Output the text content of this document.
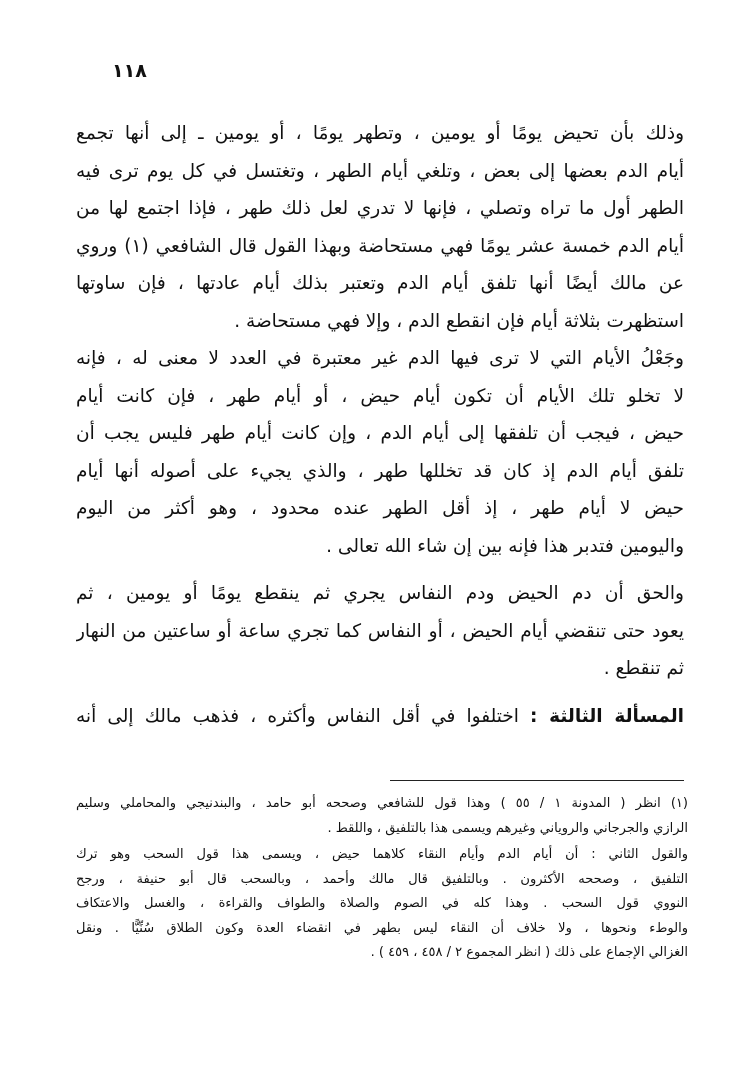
١١٨
وذلك بأن تحيض يومًا أو يومين ، وتطهر يومًا ، أو يومين ـ إلى أنها تجمع
أيام الدم بعضها إلى بعض ، وتلغي أيام الطهر ، وتغتسل في كل يوم ترى فيه
الطهر أول ما تراه وتصلي ، فإنها لا تدري لعل ذلك طهر ، فإذا اجتمع لها من
أيام الدم خمسة عشر يومًا فهي مستحاضة وبهذا القول قال الشافعي (١) وروي
عن مالك أيضًا أنها تلفق أيام الدم وتعتبر بذلك أيام عادتها ، فإن ساوتها
استظهرت بثلاثة أيام فإن انقطع الدم ، وإلا فهي مستحاضة .
وجَعْلُ الأيام التي لا ترى فيها الدم غير معتبرة في العدد لا معنى له ، فإنه
لا تخلو تلك الأيام أن تكون أيام حيض ، أو أيام طهر ، فإن كانت أيام
حيض ، فيجب أن تلفقها إلى أيام الدم ، وإن كانت أيام طهر فليس يجب أن
تلفق أيام الدم إذ كان قد تخللها طهر ، والذي يجيء على أصوله أنها أيام
حيض لا أيام طهر ، إذ أقل الطهر عنده محدود ، وهو أكثر من اليوم
واليومين فتدبر هذا فإنه بين إن شاء الله تعالى .
والحق أن دم الحيض ودم النفاس يجري ثم ينقطع يومًا أو يومين ، ثم
يعود حتى تنقضي أيام الحيض ، أو النفاس كما تجري ساعة أو ساعتين من النهار
ثم تنقطع .
المسألة الثالثة : اختلفوا في أقل النفاس وأكثره ، فذهب مالك إلى أنه
(١) انظر ( المدونة ١ / ٥٥ ) وهذا قول للشافعي وصححه أبو حامد ، والبندنيجي والمحاملي وسليم
الرازي والجرجاني والروياني وغيرهم ويسمى هذا بالتلفيق ، واللقط .
والقول الثاني : أن أيام الدم وأيام النقاء كلاهما حيض ، ويسمى هذا قول السحب وهو ترك
التلفيق ، وصححه الأكثرون . وبالتلفيق قال مالك وأحمد ، وبالسحب قال أبو حنيفة ، ورجح
النووي قول السحب . وهذا كله في الصوم والصلاة والطواف والقراءة ، والغسل والاعتكاف
والوطء ونحوها ، ولا خلاف أن النقاء ليس بطهر في انقضاء العدة وكون الطلاق سُنِّيًّا . ونقل
الغزالي الإجماع على ذلك ( انظر المجموع ٢ / ٤٥٨ ، ٤٥٩ ) .
